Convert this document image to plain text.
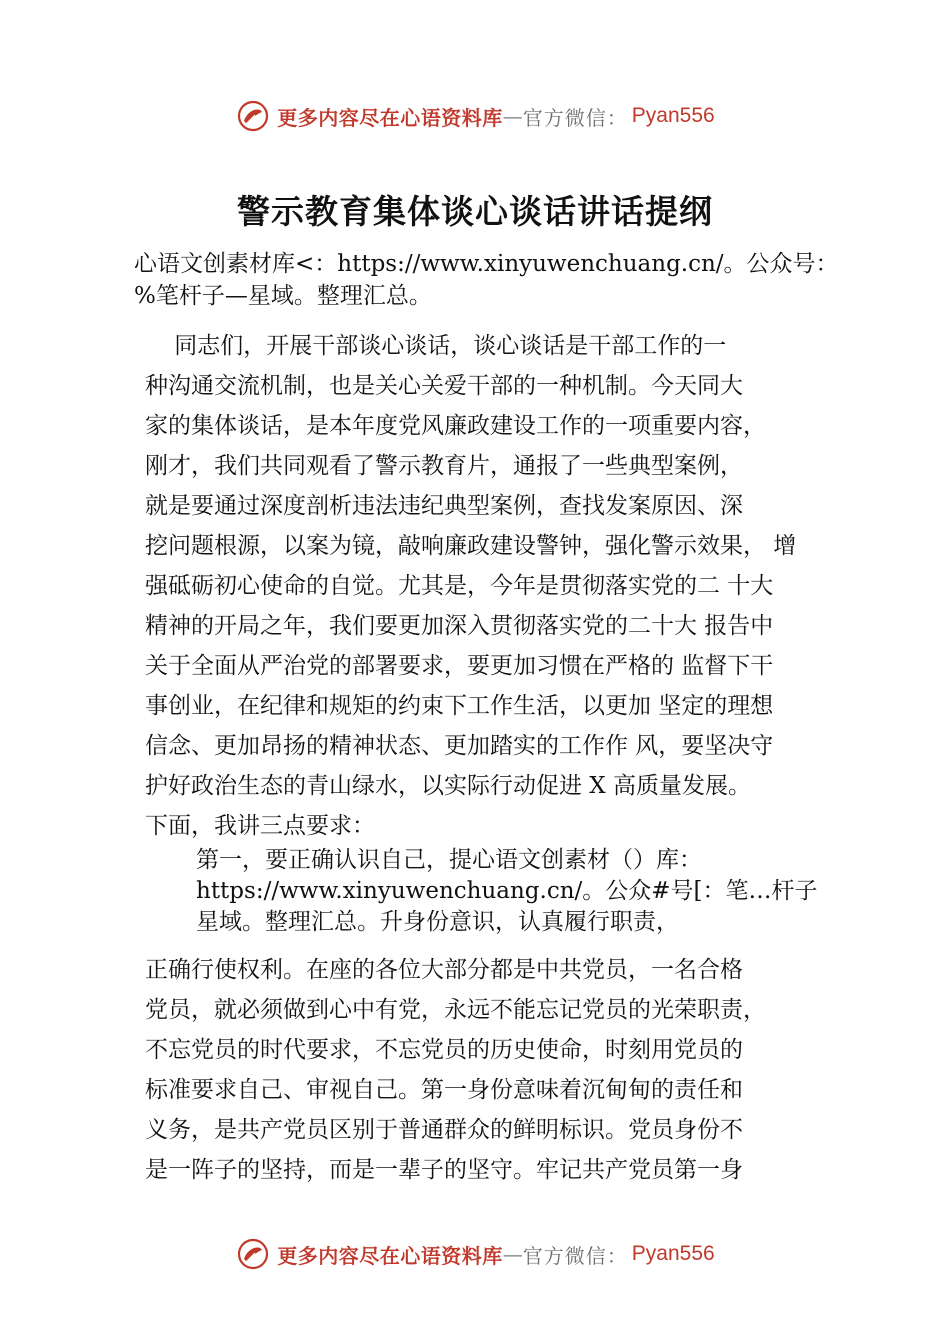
更多内容尽在心语资料库 — 官方微信： Pyan556
警示教育集体谈心谈话讲话提纲

心语文创素材库<：https://www.xinyuwenchuang.cn/。公众号：
%笔杆子—星域。整理汇总。

同志们，开展干部谈心谈话，谈心谈话是干部工作的一
种沟通交流机制，也是关心关爱干部的一种机制。今天同大
家的集体谈话，是本年度党风廉政建设工作的一项重要内容，
刚才，我们共同观看了警示教育片，通报了一些典型案例，
就是要通过深度剖析违法违纪典型案例，查找发案原因、深
挖问题根源，以案为镜，敲响廉政建设警钟，强化警示效果， 增
强砥砺初心使命的自觉。尤其是，今年是贯彻落实党的二 十大
精神的开局之年，我们要更加深入贯彻落实党的二十大 报告中
关于全面从严治党的部署要求，要更加习惯在严格的 监督下干
事创业，在纪律和规矩的约束下工作生活，以更加 坚定的理想
信念、更加昂扬的精神状态、更加踏实的工作作 风，要坚决守
护好政治生态的青山绿水，以实际行动促进 X 高质量发展。
下面，我讲三点要求：

第一，要正确认识自己，提心语文创素材（）库：
https://www.xinyuwenchuang.cn/。公众#号[：笔…杆子
星域。整理汇总。升身份意识，认真履行职责，

正确行使权利。在座的各位大部分都是中共党员，一名合格
党员，就必须做到心中有党，永远不能忘记党员的光荣职责，
不忘党员的时代要求，不忘党员的历史使命，时刻用党员的
标准要求自己、审视自己。第一身份意味着沉甸甸的责任和
义务，是共产党员区别于普通群众的鲜明标识。党员身份不
是一阵子的坚持，而是一辈子的坚守。牢记共产党员第一身

更多内容尽在心语资料库 — 官方微信： Pyan556
